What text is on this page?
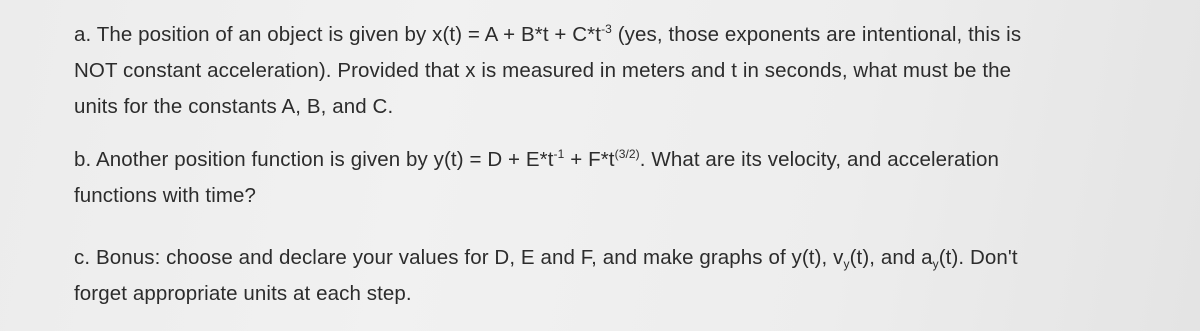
a. The position of an object is given by $x(t) = A + B*t + C*t^{-3}$ (yes, those exponents are intentional, this is
NOT constant acceleration). Provided that x is measured in meters and t in seconds, what must be the
units for the constants A, B, and C.
b. Another position function is given by $y(t) = D + E*t^{-1} + F*t^{(3/2)}$. What are its velocity, and acceleration
functions with time?
c. Bonus: choose and declare your values for D, E and F, and make graphs of y(t), $v_y(t)$, and $a_y(t)$. Don't
forget appropriate units at each step.
